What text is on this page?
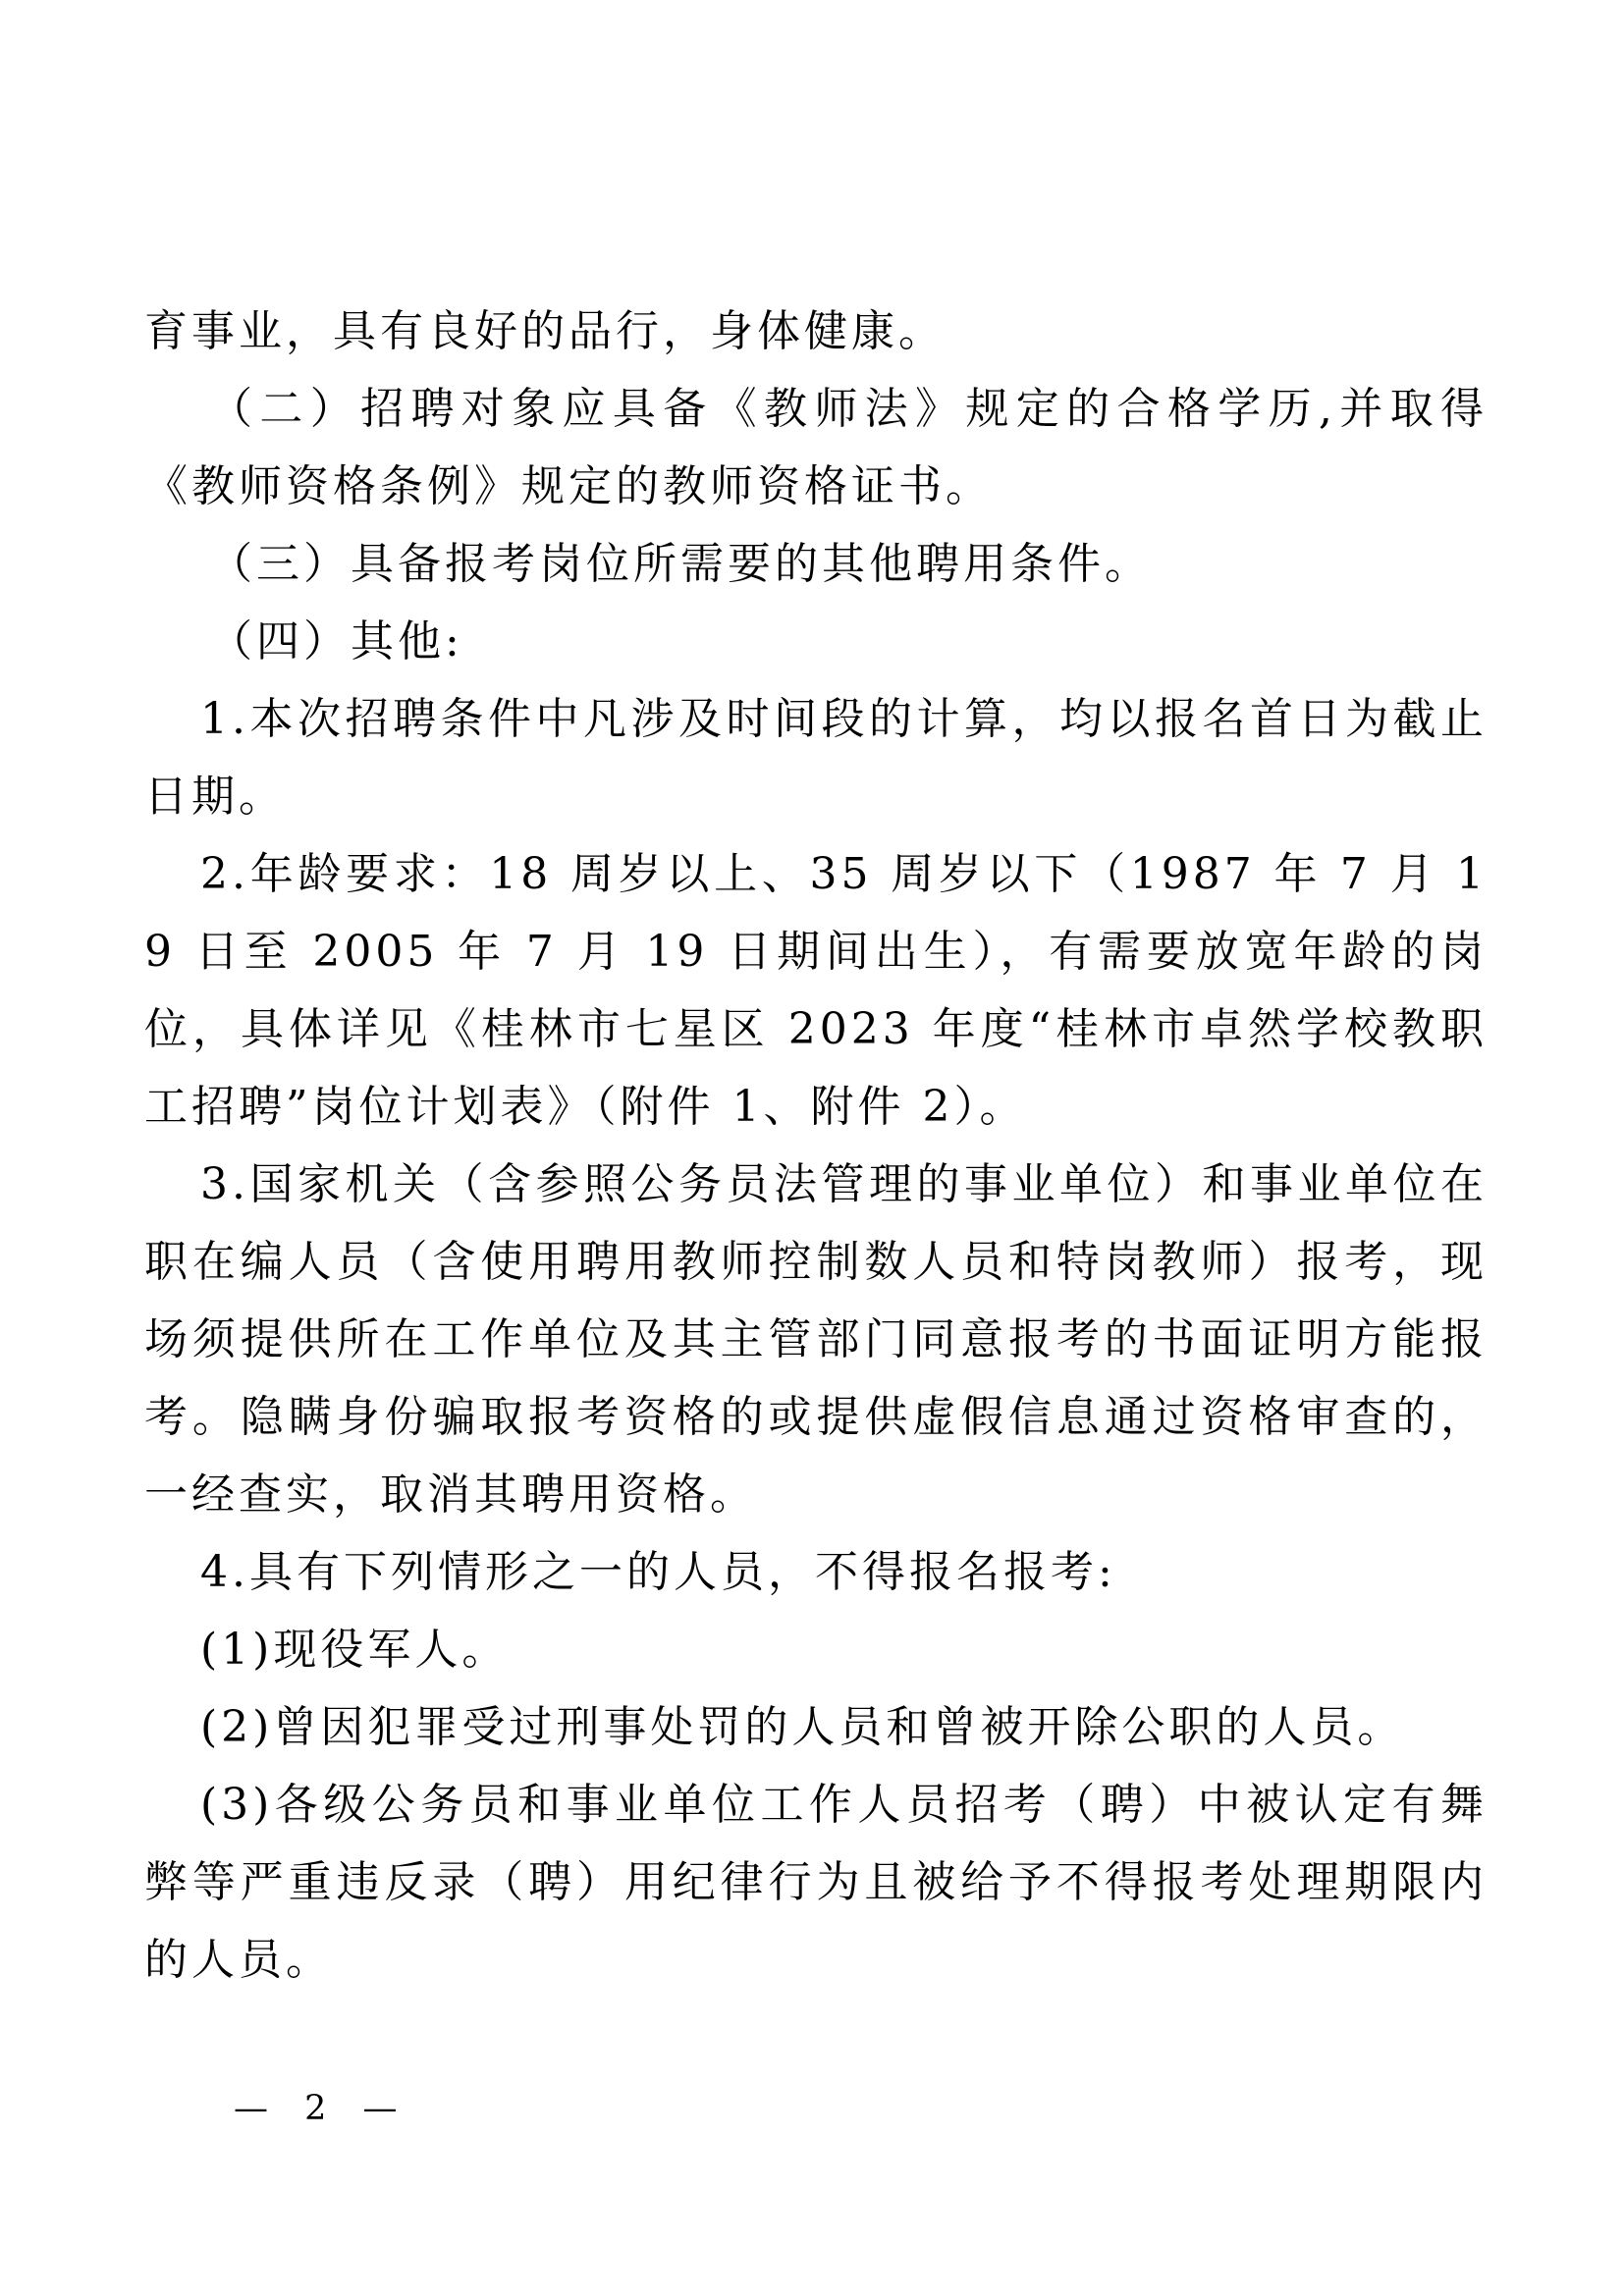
育事业，具有良好的品行，身体健康。

（二）招聘对象应具备《教师法》规定的合格学历,并取得《教师资格条例》规定的教师资格证书。

（三）具备报考岗位所需要的其他聘用条件。

（四）其他:

1.本次招聘条件中凡涉及时间段的计算，均以报名首日为截止日期。

2.年龄要求：18 周岁以上、35 周岁以下（1987 年 7 月 19 日至 2005 年 7 月 19 日期间出生），有需要放宽年龄的岗位，具体详见《桂林市七星区 2023 年度“桂林市卓然学校教职工招聘”岗位计划表》（附件 1、附件 2）。

3.国家机关（含参照公务员法管理的事业单位）和事业单位在职在编人员（含使用聘用教师控制数人员和特岗教师）报考，现场须提供所在工作单位及其主管部门同意报考的书面证明方能报考。隐瞒身份骗取报考资格的或提供虚假信息通过资格审查的，一经查实，取消其聘用资格。

4.具有下列情形之一的人员，不得报名报考:

(1)现役军人。

(2)曾因犯罪受过刑事处罚的人员和曾被开除公职的人员。

(3)各级公务员和事业单位工作人员招考（聘）中被认定有舞弊等严重违反录（聘）用纪律行为且被给予不得报考处理期限内的人员。

— 2 —
